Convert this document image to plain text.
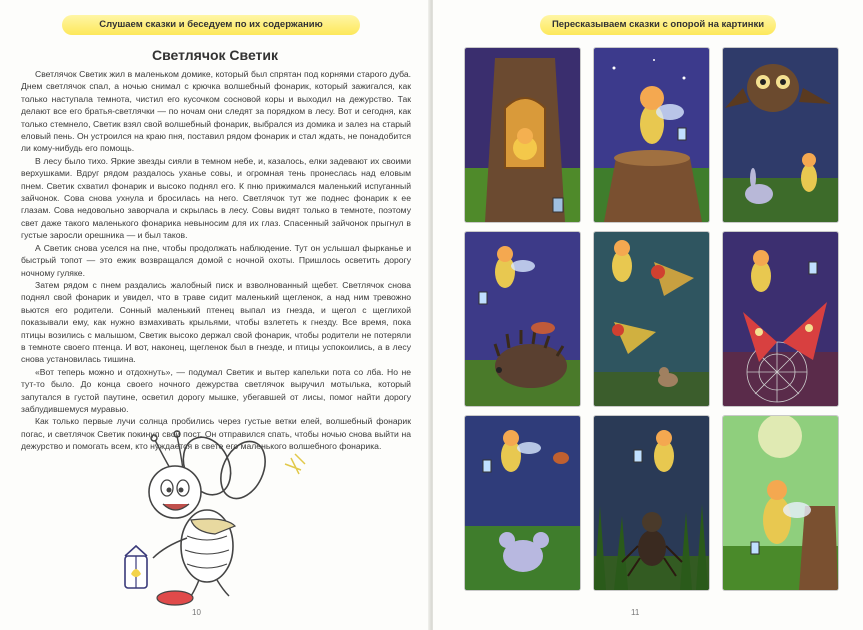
Слушаем сказки и беседуем по их содержанию
Светлячок Светик

Светлячок Светик жил в маленьком домике, который был спрятан под корнями старого дуба. Днем светлячок спал, а ночью снимал с крючка волшебный фонарик, который зажигался, как только наступала темнота, чистил его кусочком сосновой коры и выходил на дежурство. Так делают все его братья-светлячки — по ночам они следят за порядком в лесу. Вот и сегодня, как только стемнело, Светик взял свой волшебный фонарик, выбрался из домика и залез на старый еловый пень. Он устроился на краю пня, поставил рядом фонарик и стал ждать, не понадобится ли кому-нибудь его помощь.

В лесу было тихо. Яркие звезды сияли в темном небе, и, казалось, елки задевают их своими верхушками. Вдруг рядом раздалось уханье совы, и огромная тень пронеслась над еловым пнем. Светик схватил фонарик и высоко поднял его. К пню прижимался маленький испуганный зайчонок. Сова снова ухнула и бросилась на него. Светлячок тут же поднес фонарик к ее глазам. Сова недовольно заворчала и скрылась в лесу. Совы видят только в темноте, поэтому свет даже такого маленького фонарика невыносим для их глаз. Спасенный зайчонок прыгнул в густые заросли орешника — и был таков.

А Светик снова уселся на пне, чтобы продолжать наблюдение. Тут он услышал фырканье и быстрый топот — это ежик возвращался домой с ночной охоты. Пришлось осветить дорогу ночному гуляке.

Затем рядом с пнем раздались жалобный писк и взволнованный щебет. Светлячок снова поднял свой фонарик и увидел, что в траве сидит маленький щегленок, а над ним тревожно вьются его родители. Сонный маленький птенец выпал из гнезда, и щегол с щеглихой показывали ему, как нужно взмахивать крыльями, чтобы взлететь к гнезду. Все время, пока птицы возились с малышом, Светик высоко держал свой фонарик, чтобы родители не потеряли в темноте своего птенца. И вот, наконец, щегленок был в гнезде, и птицы успокоились, а в лесу снова установилась тишина.

«Вот теперь можно и отдохнуть», — подумал Светик и вытер капельки пота со лба. Но не тут-то было. До конца своего ночного дежурства светлячок выручил мотылька, который запутался в густой паутине, осветил дорогу мышке, убегавшей от лисы, помог найти дорогу заблудившемуся муравью.

Как только первые лучи солнца пробились через густые ветки елей, волшебный фонарик погас, и светлячок Светик покинул свой пост. Он отправился спать, чтобы ночью снова выйти на дежурство и помогать всем, кто нуждается в свете его маленького волшебного фонарика.

10
Пересказываем сказки с опорой на картинки
11
